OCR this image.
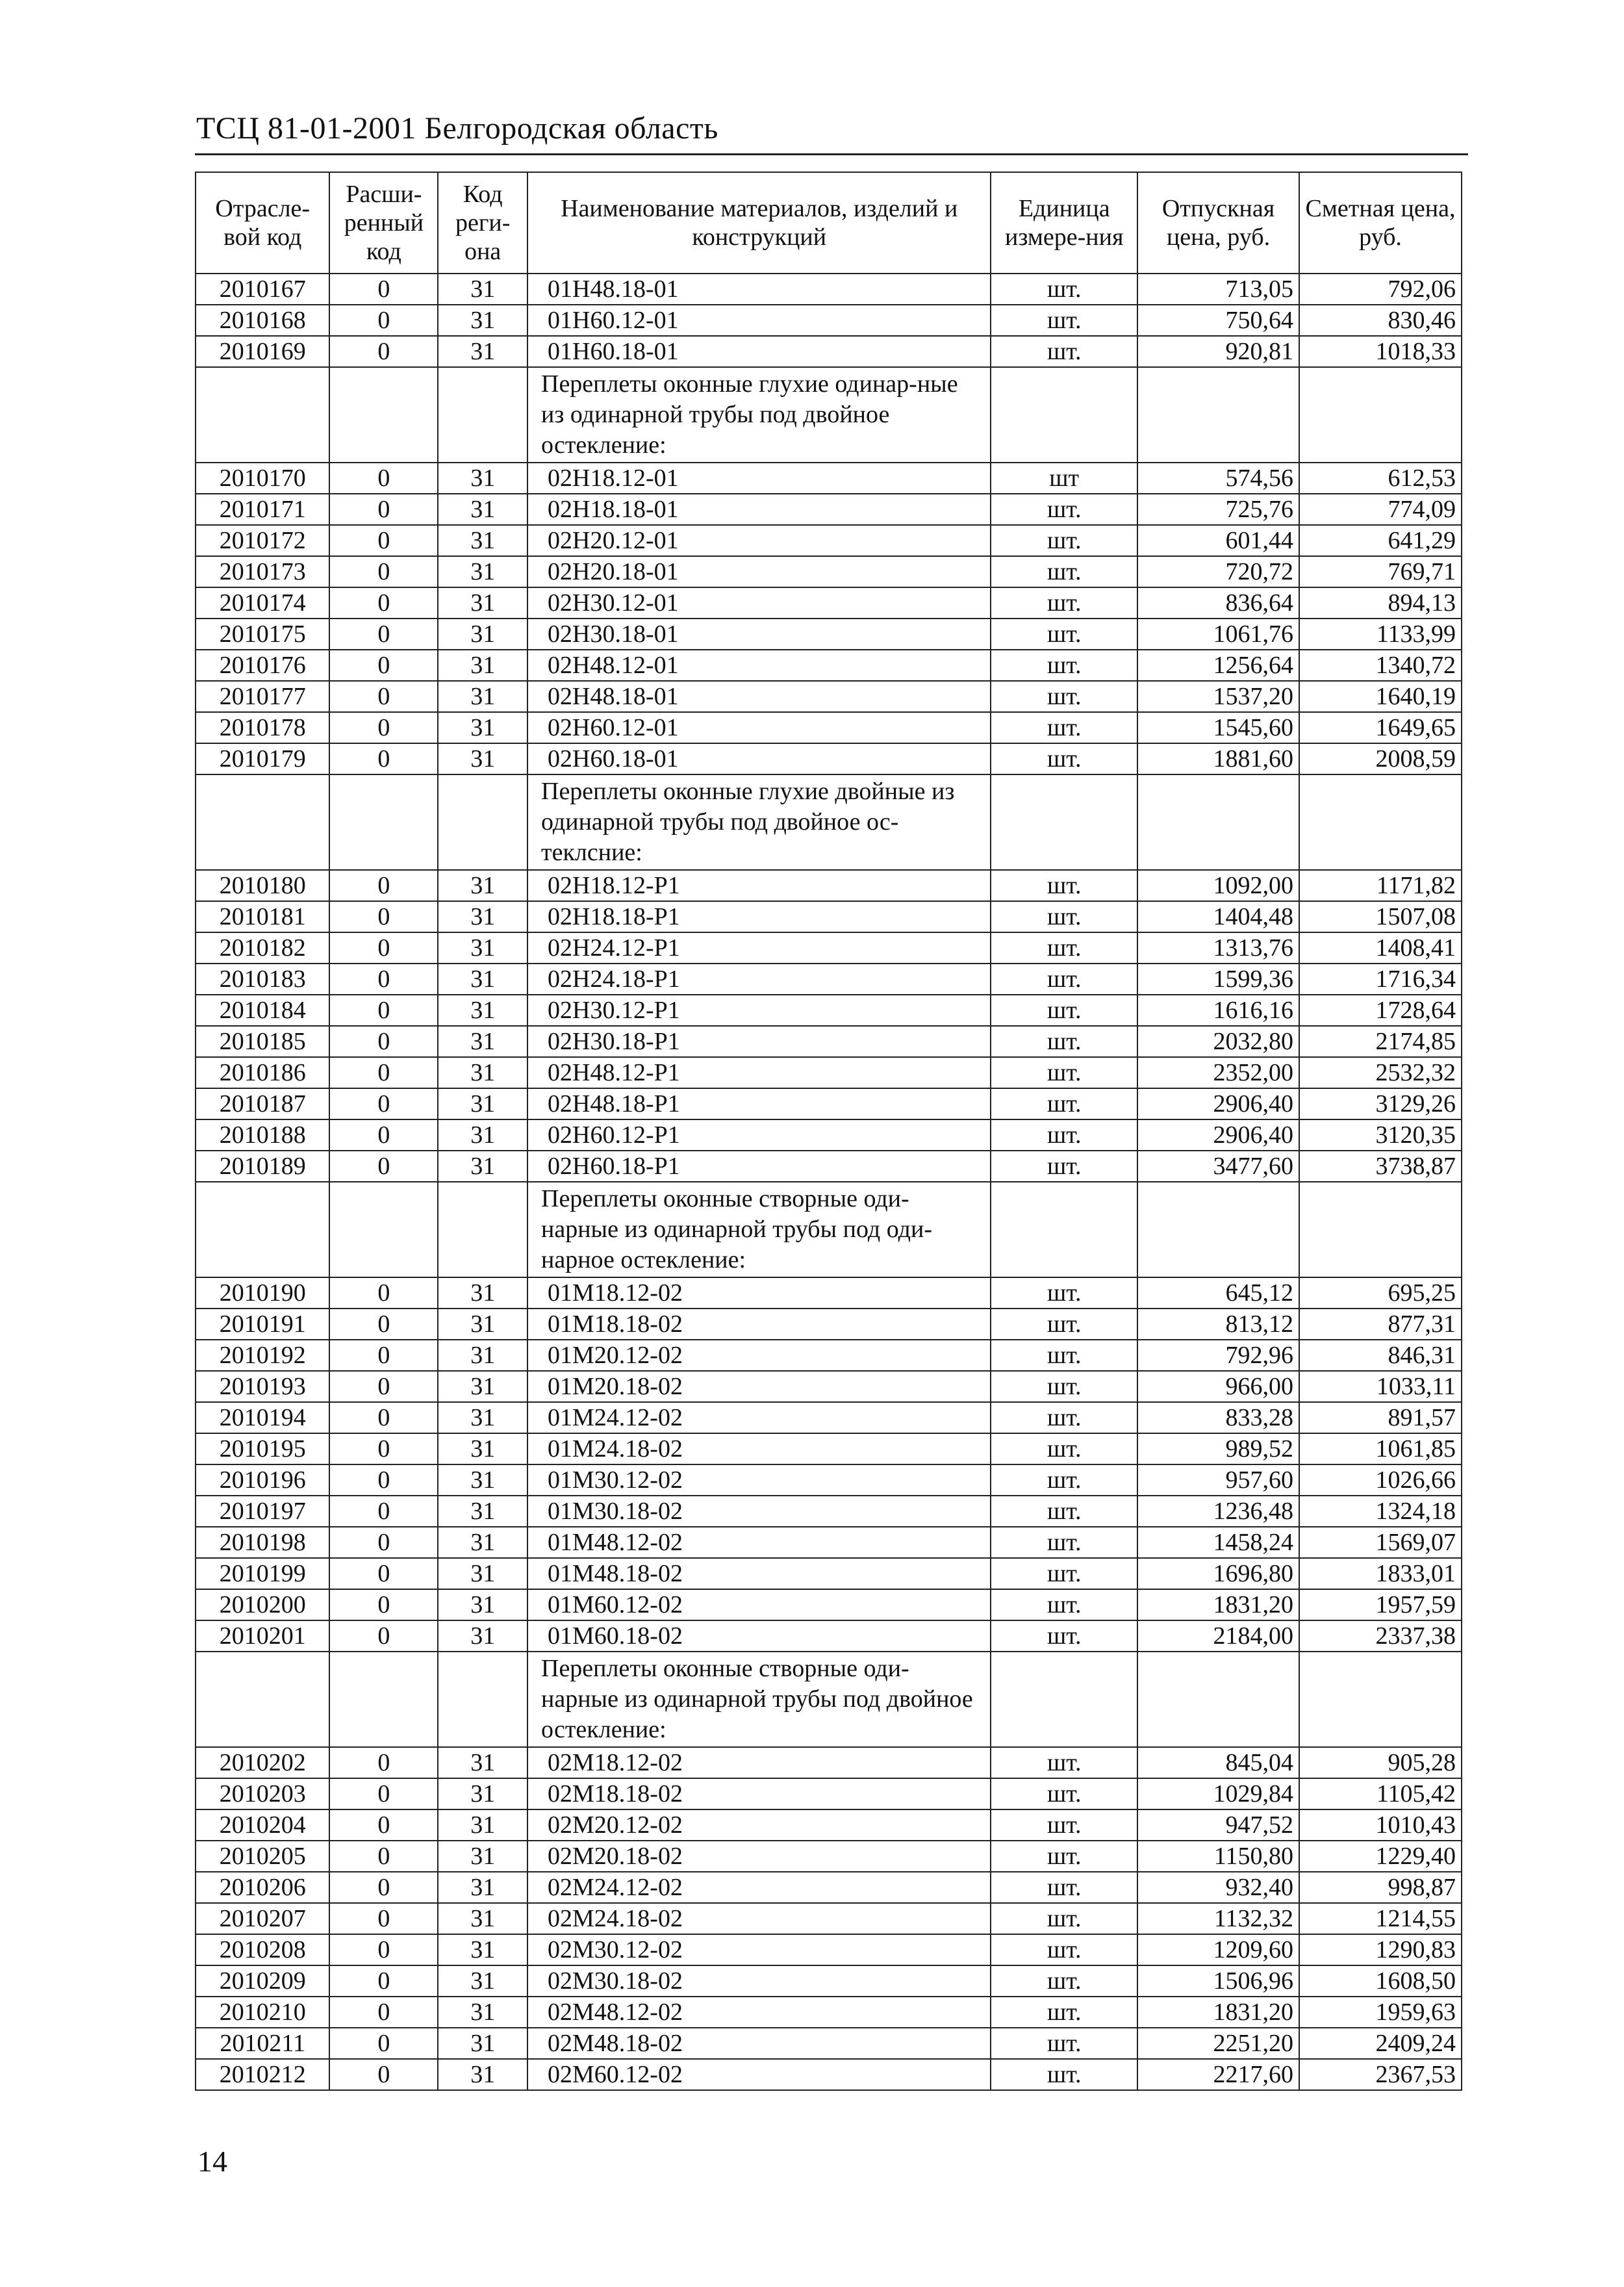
ТСЦ 81-01-2001 Белгородская область
Отрасле-вой код	Расши-ренный код	Код реги-она	Наименование материалов, изделий и конструкций	Единица измере-ния	Отпускная цена, руб.	Сметная цена, руб.
2010167	0	31	01Н48.18-01	шт.	713,05	792,06
2010168	0	31	01Н60.12-01	шт.	750,64	830,46
2010169	0	31	01Н60.18-01	шт.	920,81	1018,33
			Переплеты оконные глухие одинар-ные из одинарной трубы под двойное остекление:			
2010170	0	31	02Н18.12-01	шт	574,56	612,53
2010171	0	31	02Н18.18-01	шт.	725,76	774,09
2010172	0	31	02Н20.12-01	шт.	601,44	641,29
2010173	0	31	02Н20.18-01	шт.	720,72	769,71
2010174	0	31	02Н30.12-01	шт.	836,64	894,13
2010175	0	31	02Н30.18-01	шт.	1061,76	1133,99
2010176	0	31	02Н48.12-01	шт.	1256,64	1340,72
2010177	0	31	02Н48.18-01	шт.	1537,20	1640,19
2010178	0	31	02Н60.12-01	шт.	1545,60	1649,65
2010179	0	31	02Н60.18-01	шт.	1881,60	2008,59
			Переплеты оконные глухие двойные из одинарной трубы под двойное ос-теклcние:			
2010180	0	31	02Н18.12-Р1	шт.	1092,00	1171,82
2010181	0	31	02Н18.18-Р1	шт.	1404,48	1507,08
2010182	0	31	02Н24.12-Р1	шт.	1313,76	1408,41
2010183	0	31	02Н24.18-Р1	шт.	1599,36	1716,34
2010184	0	31	02Н30.12-Р1	шт.	1616,16	1728,64
2010185	0	31	02Н30.18-Р1	шт.	2032,80	2174,85
2010186	0	31	02Н48.12-Р1	шт.	2352,00	2532,32
2010187	0	31	02Н48.18-Р1	шт.	2906,40	3129,26
2010188	0	31	02Н60.12-Р1	шт.	2906,40	3120,35
2010189	0	31	02Н60.18-Р1	шт.	3477,60	3738,87
			Переплеты оконные створные оди-нарные из одинарной трубы под оди-нарное остекление:			
2010190	0	31	01М18.12-02	шт.	645,12	695,25
2010191	0	31	01М18.18-02	шт.	813,12	877,31
2010192	0	31	01М20.12-02	шт.	792,96	846,31
2010193	0	31	01М20.18-02	шт.	966,00	1033,11
2010194	0	31	01М24.12-02	шт.	833,28	891,57
2010195	0	31	01М24.18-02	шт.	989,52	1061,85
2010196	0	31	01М30.12-02	шт.	957,60	1026,66
2010197	0	31	01М30.18-02	шт.	1236,48	1324,18
2010198	0	31	01М48.12-02	шт.	1458,24	1569,07
2010199	0	31	01М48.18-02	шт.	1696,80	1833,01
2010200	0	31	01М60.12-02	шт.	1831,20	1957,59
2010201	0	31	01М60.18-02	шт.	2184,00	2337,38
			Переплеты оконные створные оди-нарные из одинарной трубы под двойное остекление:			
2010202	0	31	02М18.12-02	шт.	845,04	905,28
2010203	0	31	02М18.18-02	шт.	1029,84	1105,42
2010204	0	31	02М20.12-02	шт.	947,52	1010,43
2010205	0	31	02М20.18-02	шт.	1150,80	1229,40
2010206	0	31	02М24.12-02	шт.	932,40	998,87
2010207	0	31	02М24.18-02	шт.	1132,32	1214,55
2010208	0	31	02М30.12-02	шт.	1209,60	1290,83
2010209	0	31	02М30.18-02	шт.	1506,96	1608,50
2010210	0	31	02М48.12-02	шт.	1831,20	1959,63
2010211	0	31	02М48.18-02	шт.	2251,20	2409,24
2010212	0	31	02М60.12-02	шт.	2217,60	2367,53
14
